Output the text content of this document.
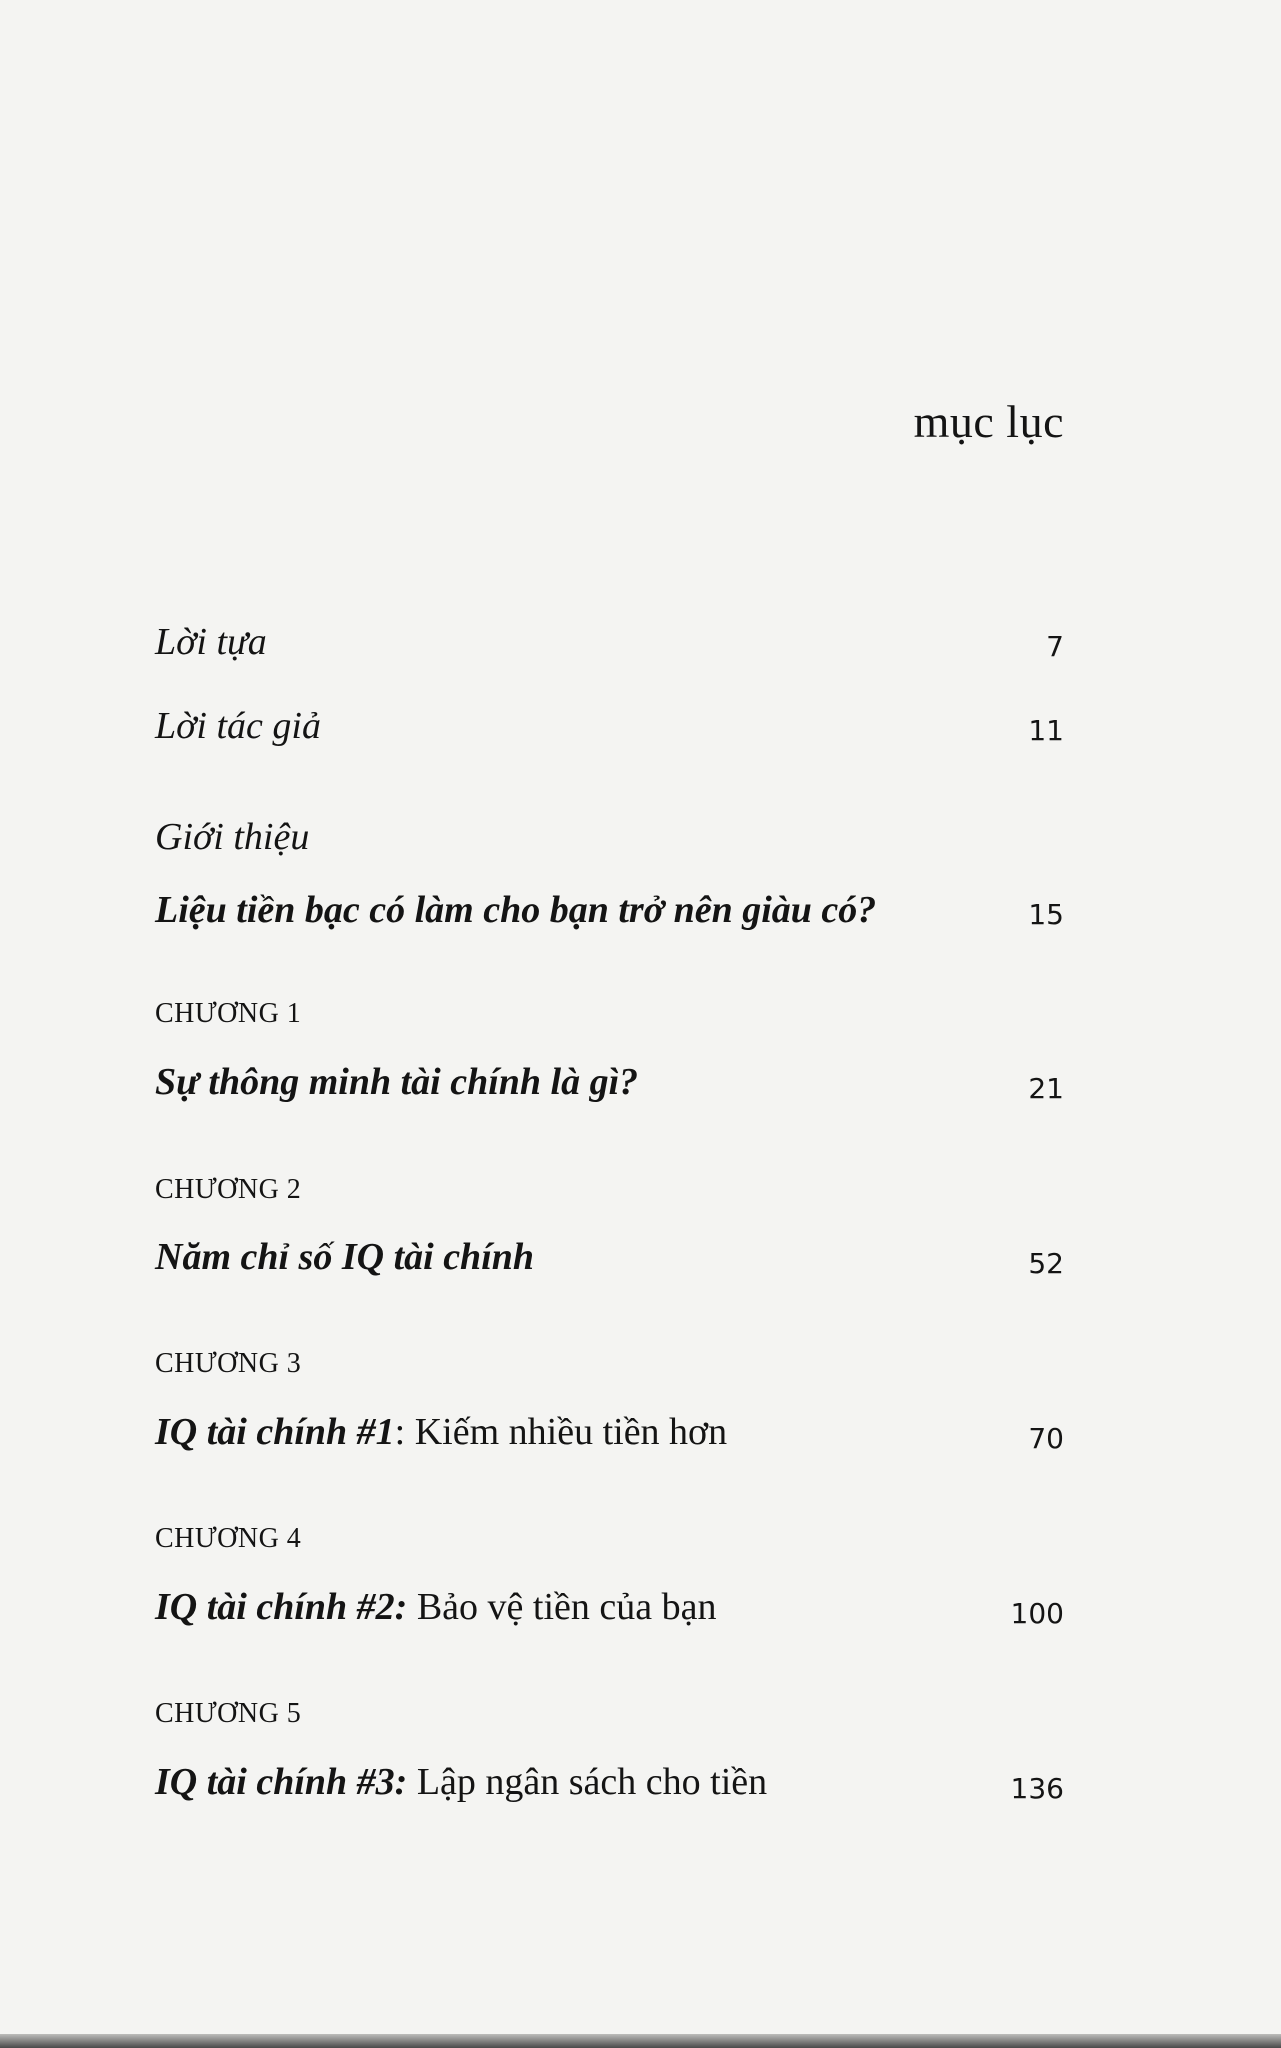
mục lục
Lời tựa	7
Lời tác giả	11
Giới thiệu
Liệu tiền bạc có làm cho bạn trở nên giàu có?	15
CHƯƠNG 1
Sự thông minh tài chính là gì?	21
CHƯƠNG 2
Năm chỉ số IQ tài chính	52
CHƯƠNG 3
IQ tài chính #1: Kiếm nhiều tiền hơn	70
CHƯƠNG 4
IQ tài chính #2: Bảo vệ tiền của bạn	100
CHƯƠNG 5
IQ tài chính #3: Lập ngân sách cho tiền	136
